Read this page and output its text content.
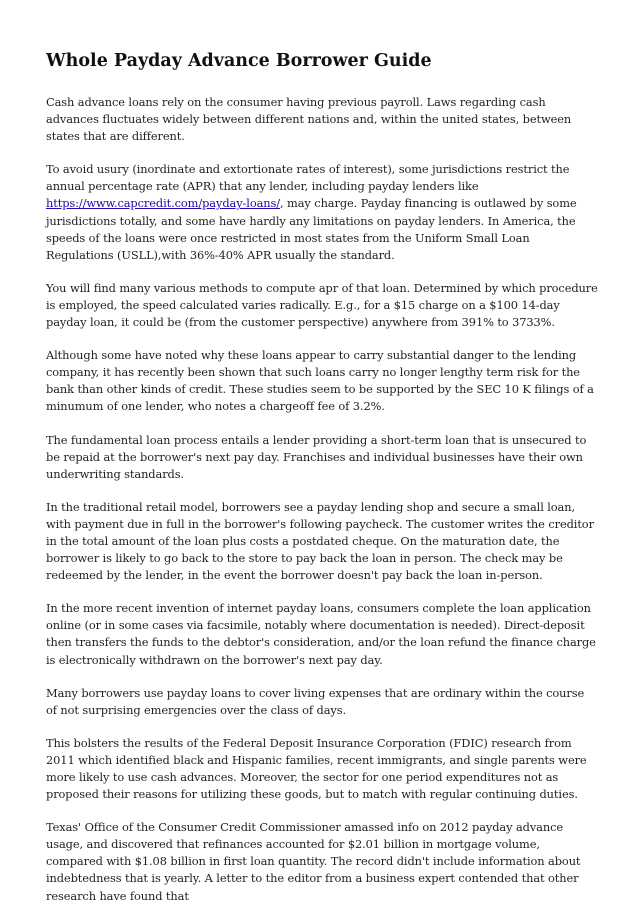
Whole Payday Advance Borrower Guide

Cash advance loans rely on the consumer having previous payroll. Laws regarding cash advances fluctuates widely between different nations and, within the united states, between states that are different.

To avoid usury (inordinate and extortionate rates of interest), some jurisdictions restrict the annual percentage rate (APR) that any lender, including payday lenders like https://www.capcredit.com/payday-loans/, may charge. Payday financing is outlawed by some jurisdictions totally, and some have hardly any limitations on payday lenders. In America, the speeds of the loans were once restricted in most states from the Uniform Small Loan Regulations (USLL),with 36%-40% APR usually the standard.

You will find many various methods to compute apr of that loan. Determined by which procedure is employed, the speed calculated varies radically. E.g., for a $15 charge on a $100 14-day payday loan, it could be (from the customer perspective) anywhere from 391% to 3733%.

Although some have noted why these loans appear to carry substantial danger to the lending company, it has recently been shown that such loans carry no longer lengthy term risk for the bank than other kinds of credit. These studies seem to be supported by the SEC 10 K filings of a minumum of one lender, who notes a chargeoff fee of 3.2%.

The fundamental loan process entails a lender providing a short-term loan that is unsecured to be repaid at the borrower's next pay day. Franchises and individual businesses have their own underwriting standards.

In the traditional retail model, borrowers see a payday lending shop and secure a small loan, with payment due in full in the borrower's following paycheck. The customer writes the creditor in the total amount of the loan plus costs a postdated cheque. On the maturation date, the borrower is likely to go back to the store to pay back the loan in person. The check may be redeemed by the lender, in the event the borrower doesn't pay back the loan in-person.

In the more recent invention of internet payday loans, consumers complete the loan application online (or in some cases via facsimile, notably where documentation is needed). Direct-deposit then transfers the funds to the debtor's consideration, and/or the loan refund the finance charge is electronically withdrawn on the borrower's next pay day.

Many borrowers use payday loans to cover living expenses that are ordinary within the course of not surprising emergencies over the class of days.

This bolsters the results of the Federal Deposit Insurance Corporation (FDIC) research from 2011 which identified black and Hispanic families, recent immigrants, and single parents were more likely to use cash advances. Moreover, the sector for one period expenditures not as proposed their reasons for utilizing these goods, but to match with regular continuing duties.

Texas' Office of the Consumer Credit Commissioner amassed info on 2012 payday advance usage, and discovered that refinances accounted for $2.01 billion in mortgage volume, compared with $1.08 billion in first loan quantity. The record didn't include information about indebtedness that is yearly. A letter to the editor from a business expert contended that other research have found that
